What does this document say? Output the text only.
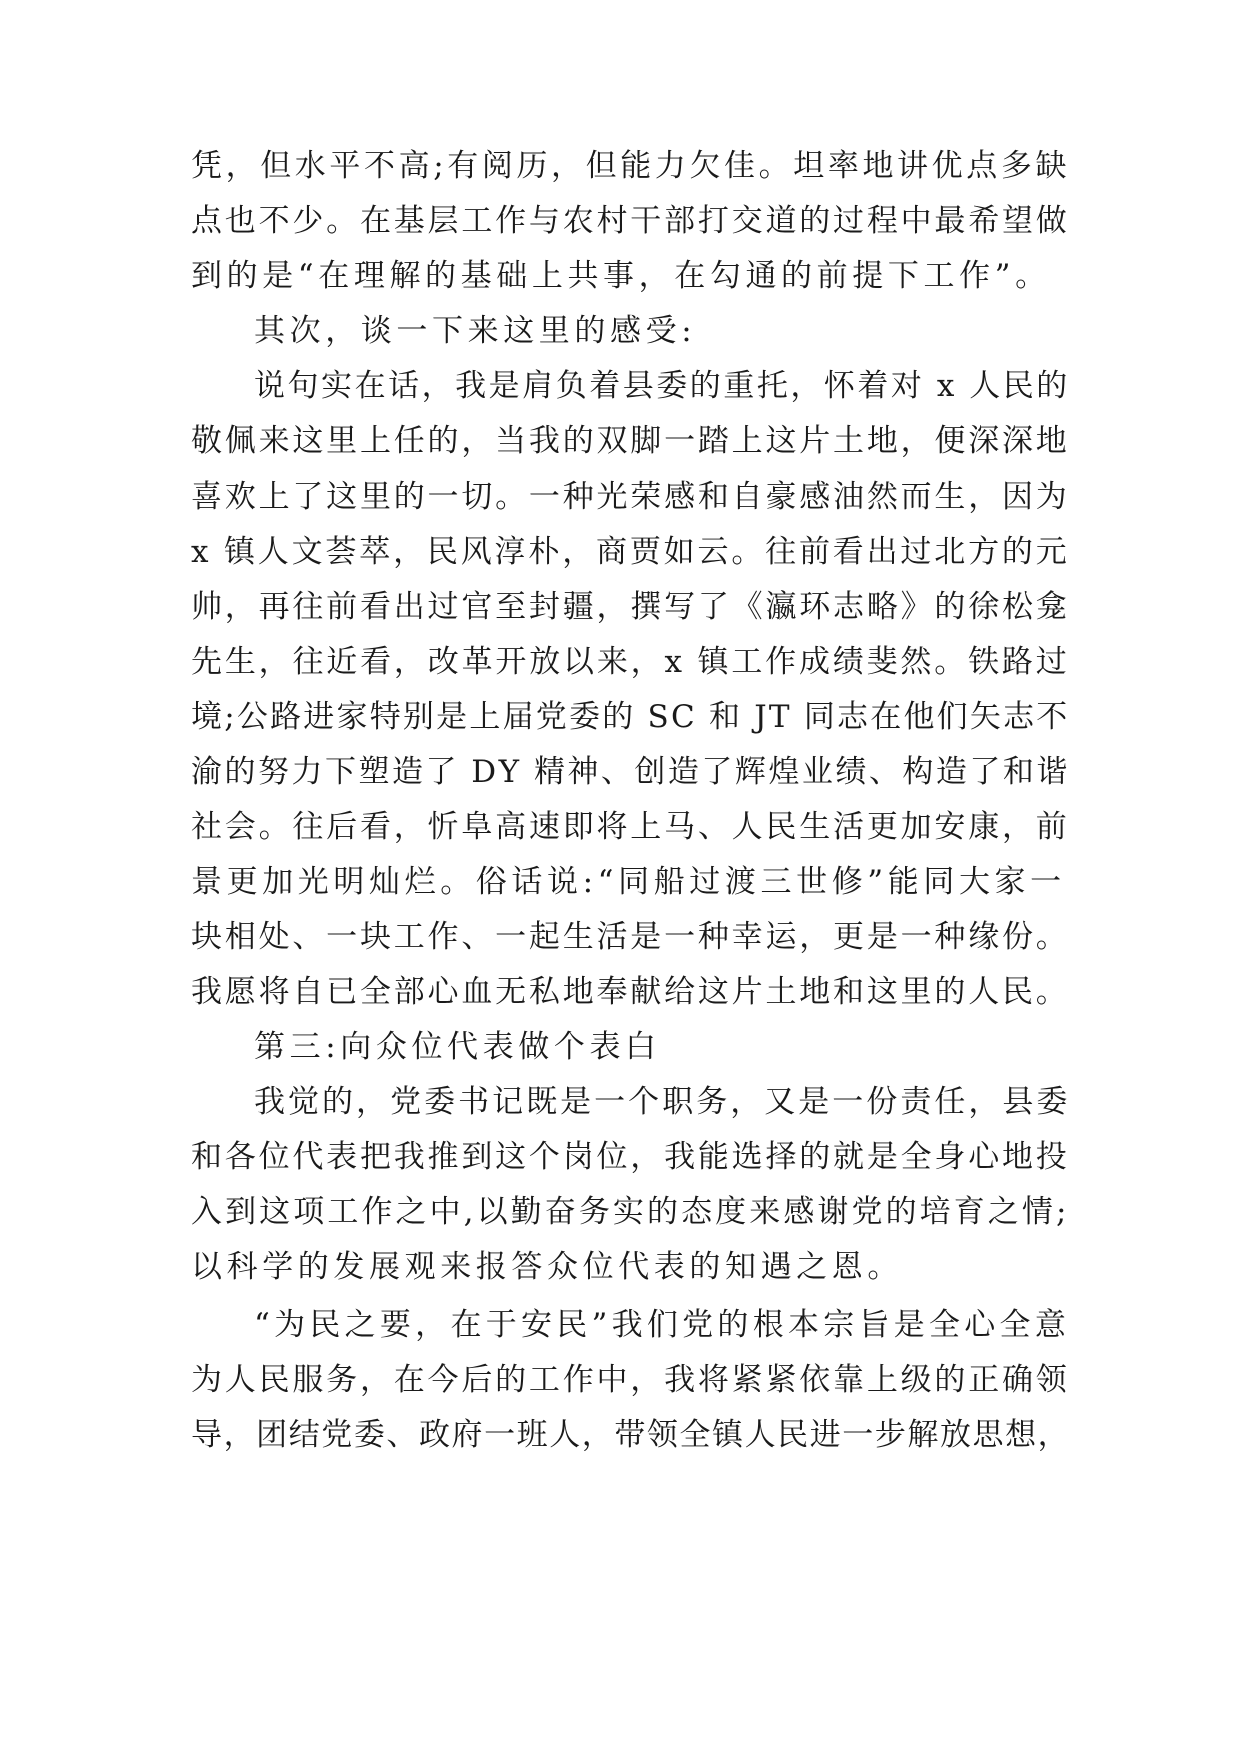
凭，但水平不高;有阅历，但能力欠佳。坦率地讲优点多缺
点也不少。在基层工作与农村干部打交道的过程中最希望做
到的是“在理解的基础上共事，在勾通的前提下工作”。
其次，谈一下来这里的感受:
说句实在话，我是肩负着县委的重托，怀着对 x 人民的
敬佩来这里上任的，当我的双脚一踏上这片土地，便深深地
喜欢上了这里的一切。一种光荣感和自豪感油然而生，因为
x 镇人文荟萃，民风淳朴，商贾如云。往前看出过北方的元
帅，再往前看出过官至封疆，撰写了《瀛环志略》的徐松龛
先生，往近看，改革开放以来，x 镇工作成绩斐然。铁路过
境;公路进家特别是上届党委的 SC 和 JT 同志在他们矢志不
渝的努力下塑造了 DY 精神、创造了辉煌业绩、构造了和谐
社会。往后看，忻阜高速即将上马、人民生活更加安康，前
景更加光明灿烂。俗话说:“同船过渡三世修”能同大家一
块相处、一块工作、一起生活是一种幸运，更是一种缘份。
我愿将自已全部心血无私地奉献给这片土地和这里的人民。
第三:向众位代表做个表白
我觉的，党委书记既是一个职务，又是一份责任，县委
和各位代表把我推到这个岗位，我能选择的就是全身心地投
入到这项工作之中,以勤奋务实的态度来感谢党的培育之情;
以科学的发展观来报答众位代表的知遇之恩。
“为民之要，在于安民”我们党的根本宗旨是全心全意
为人民服务，在今后的工作中，我将紧紧依靠上级的正确领
导，团结党委、政府一班人，带领全镇人民进一步解放思想，
